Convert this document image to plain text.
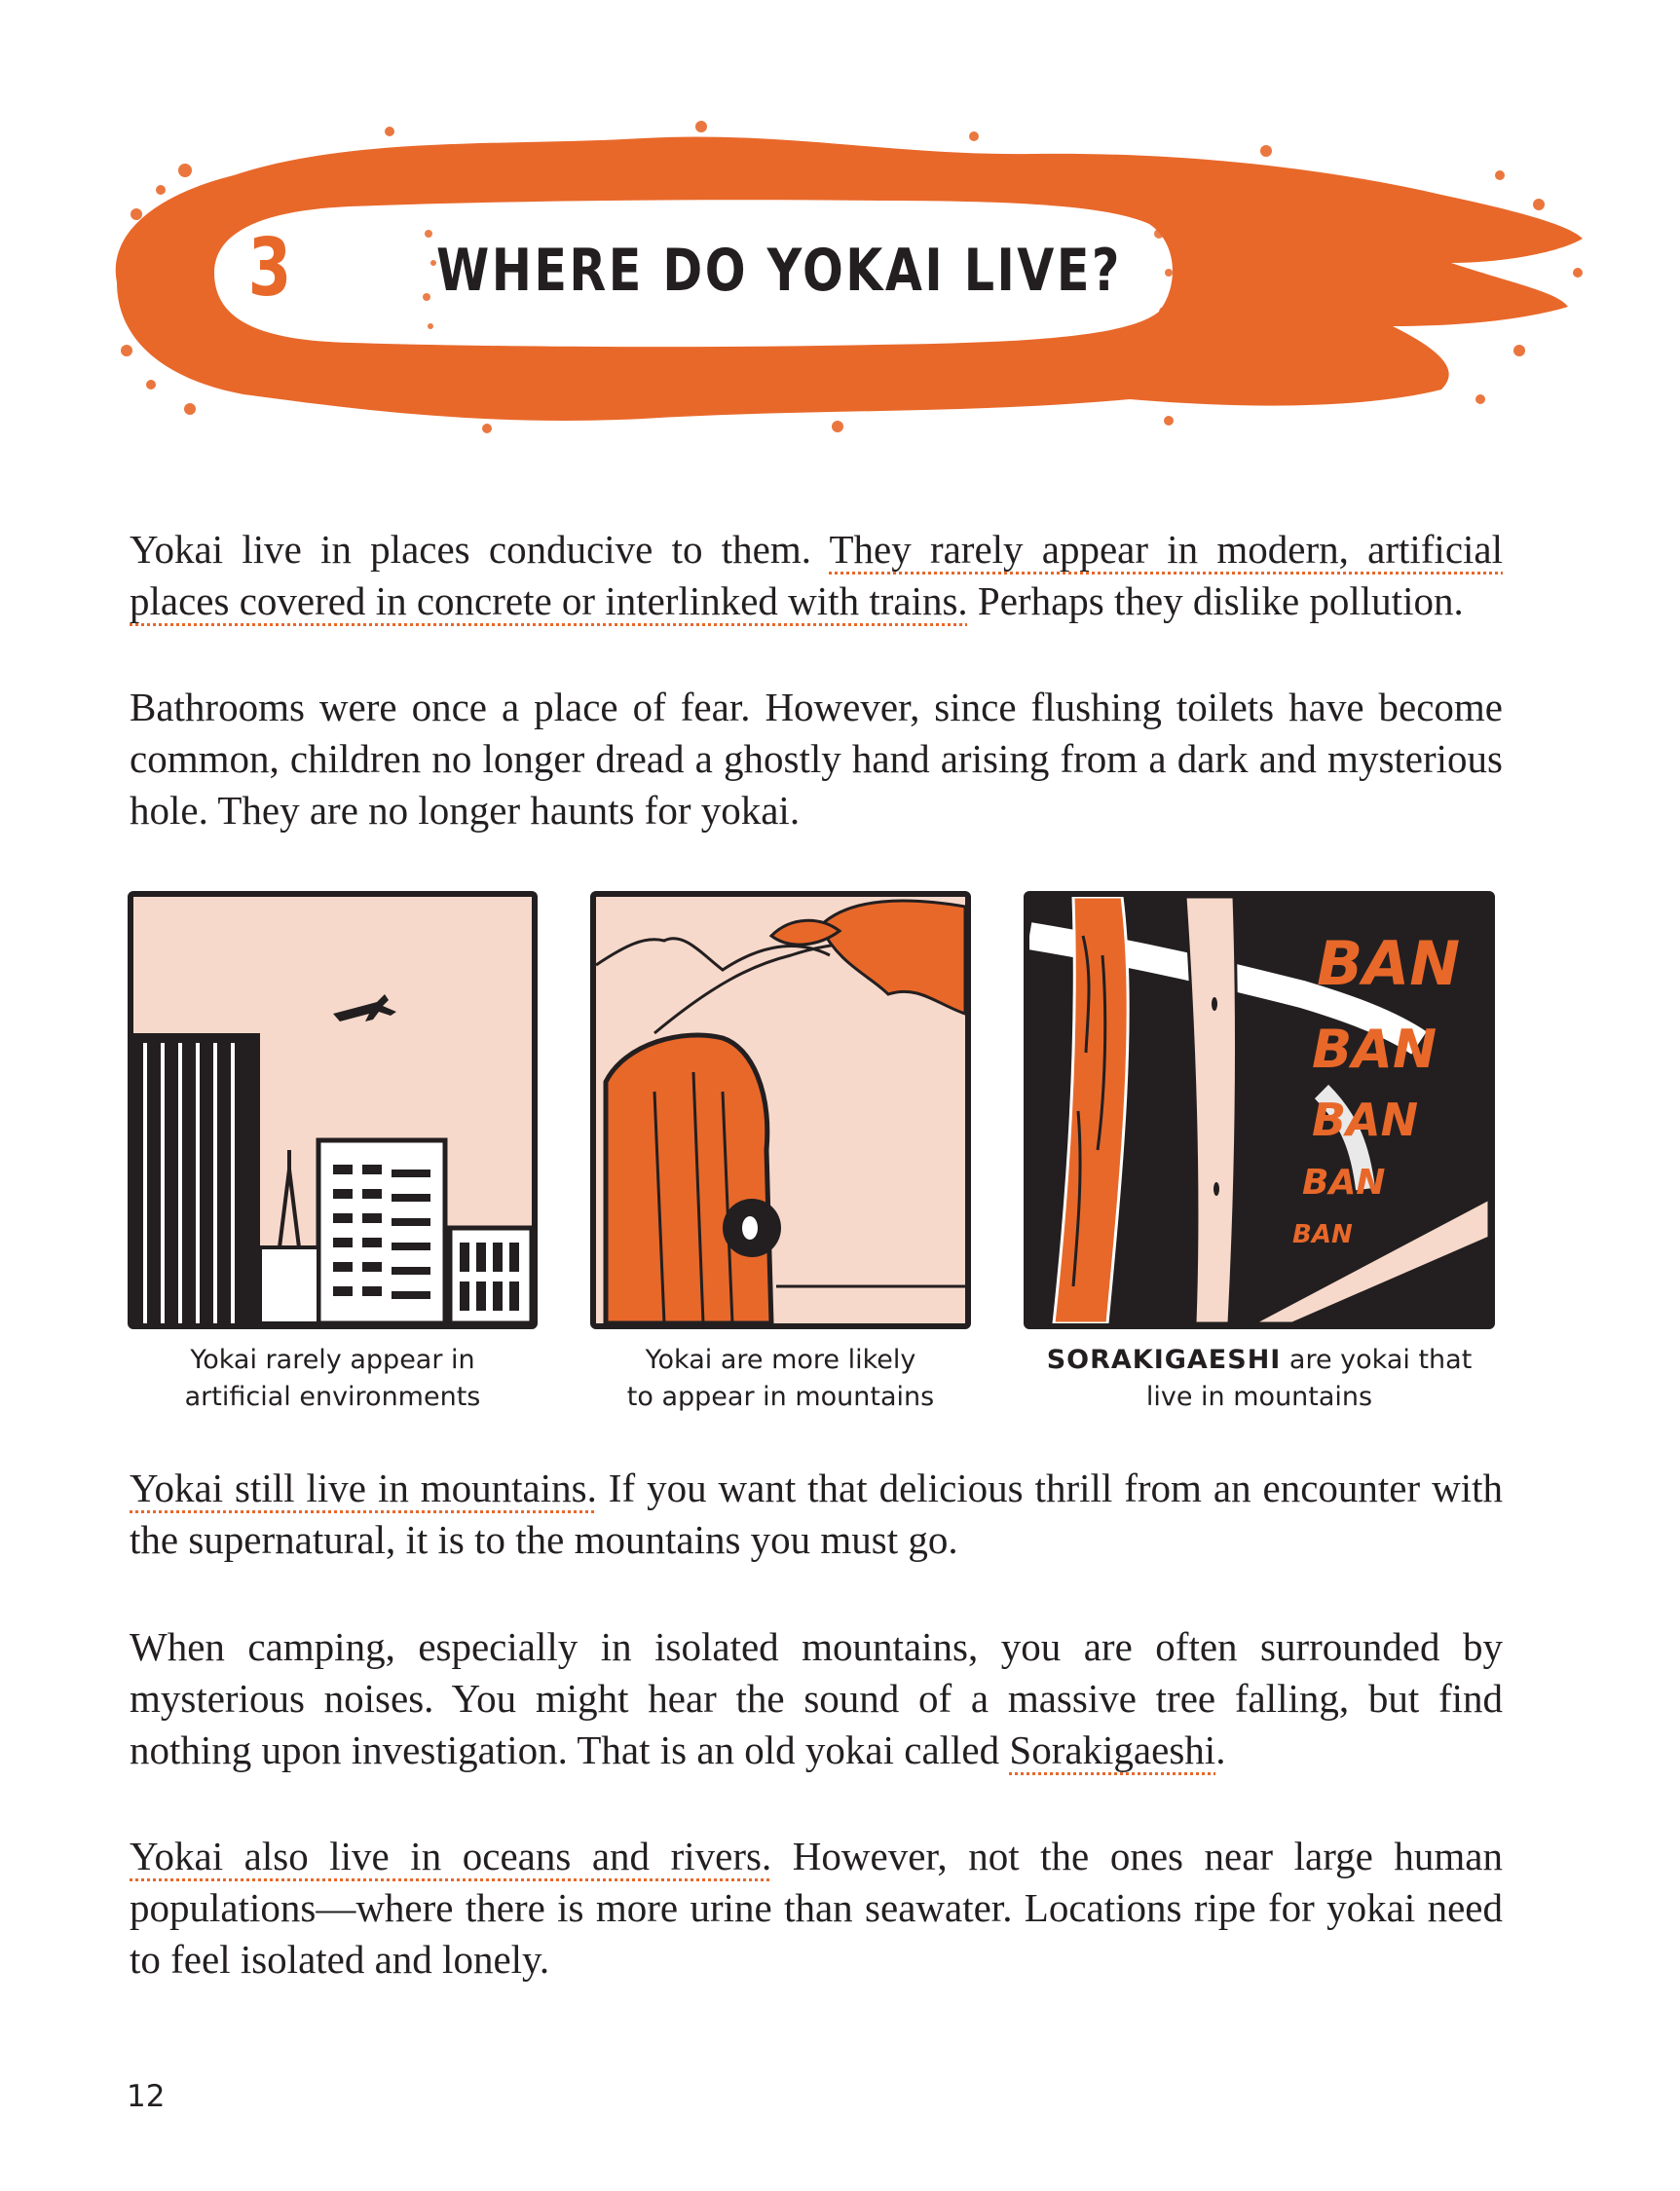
3 WHERE DO YOKAI LIVE?

Yokai live in places conducive to them. They rarely appear in modern, artificial places covered in concrete or interlinked with trains. Perhaps they dislike pollution.

Bathrooms were once a place of fear. However, since flushing toilets have become common, children no longer dread a ghostly hand arising from a dark and mysterious hole. They are no longer haunts for yokai.

BAN
BAN
BAN
BAN
BAN
Yokai rarely appear in
artificial environments
Yokai are more likely
to appear in mountains
SORAKIGAESHI are yokai that
live in mountains

Yokai still live in mountains. If you want that delicious thrill from an encounter with the supernatural, it is to the mountains you must go.

When camping, especially in isolated mountains, you are often surrounded by mysterious noises. You might hear the sound of a massive tree falling, but find nothing upon investigation. That is an old yokai called Sorakigaeshi.

Yokai also live in oceans and rivers. However, not the ones near large human populations—where there is more urine than seawater. Locations ripe for yokai need to feel isolated and lonely.

12
